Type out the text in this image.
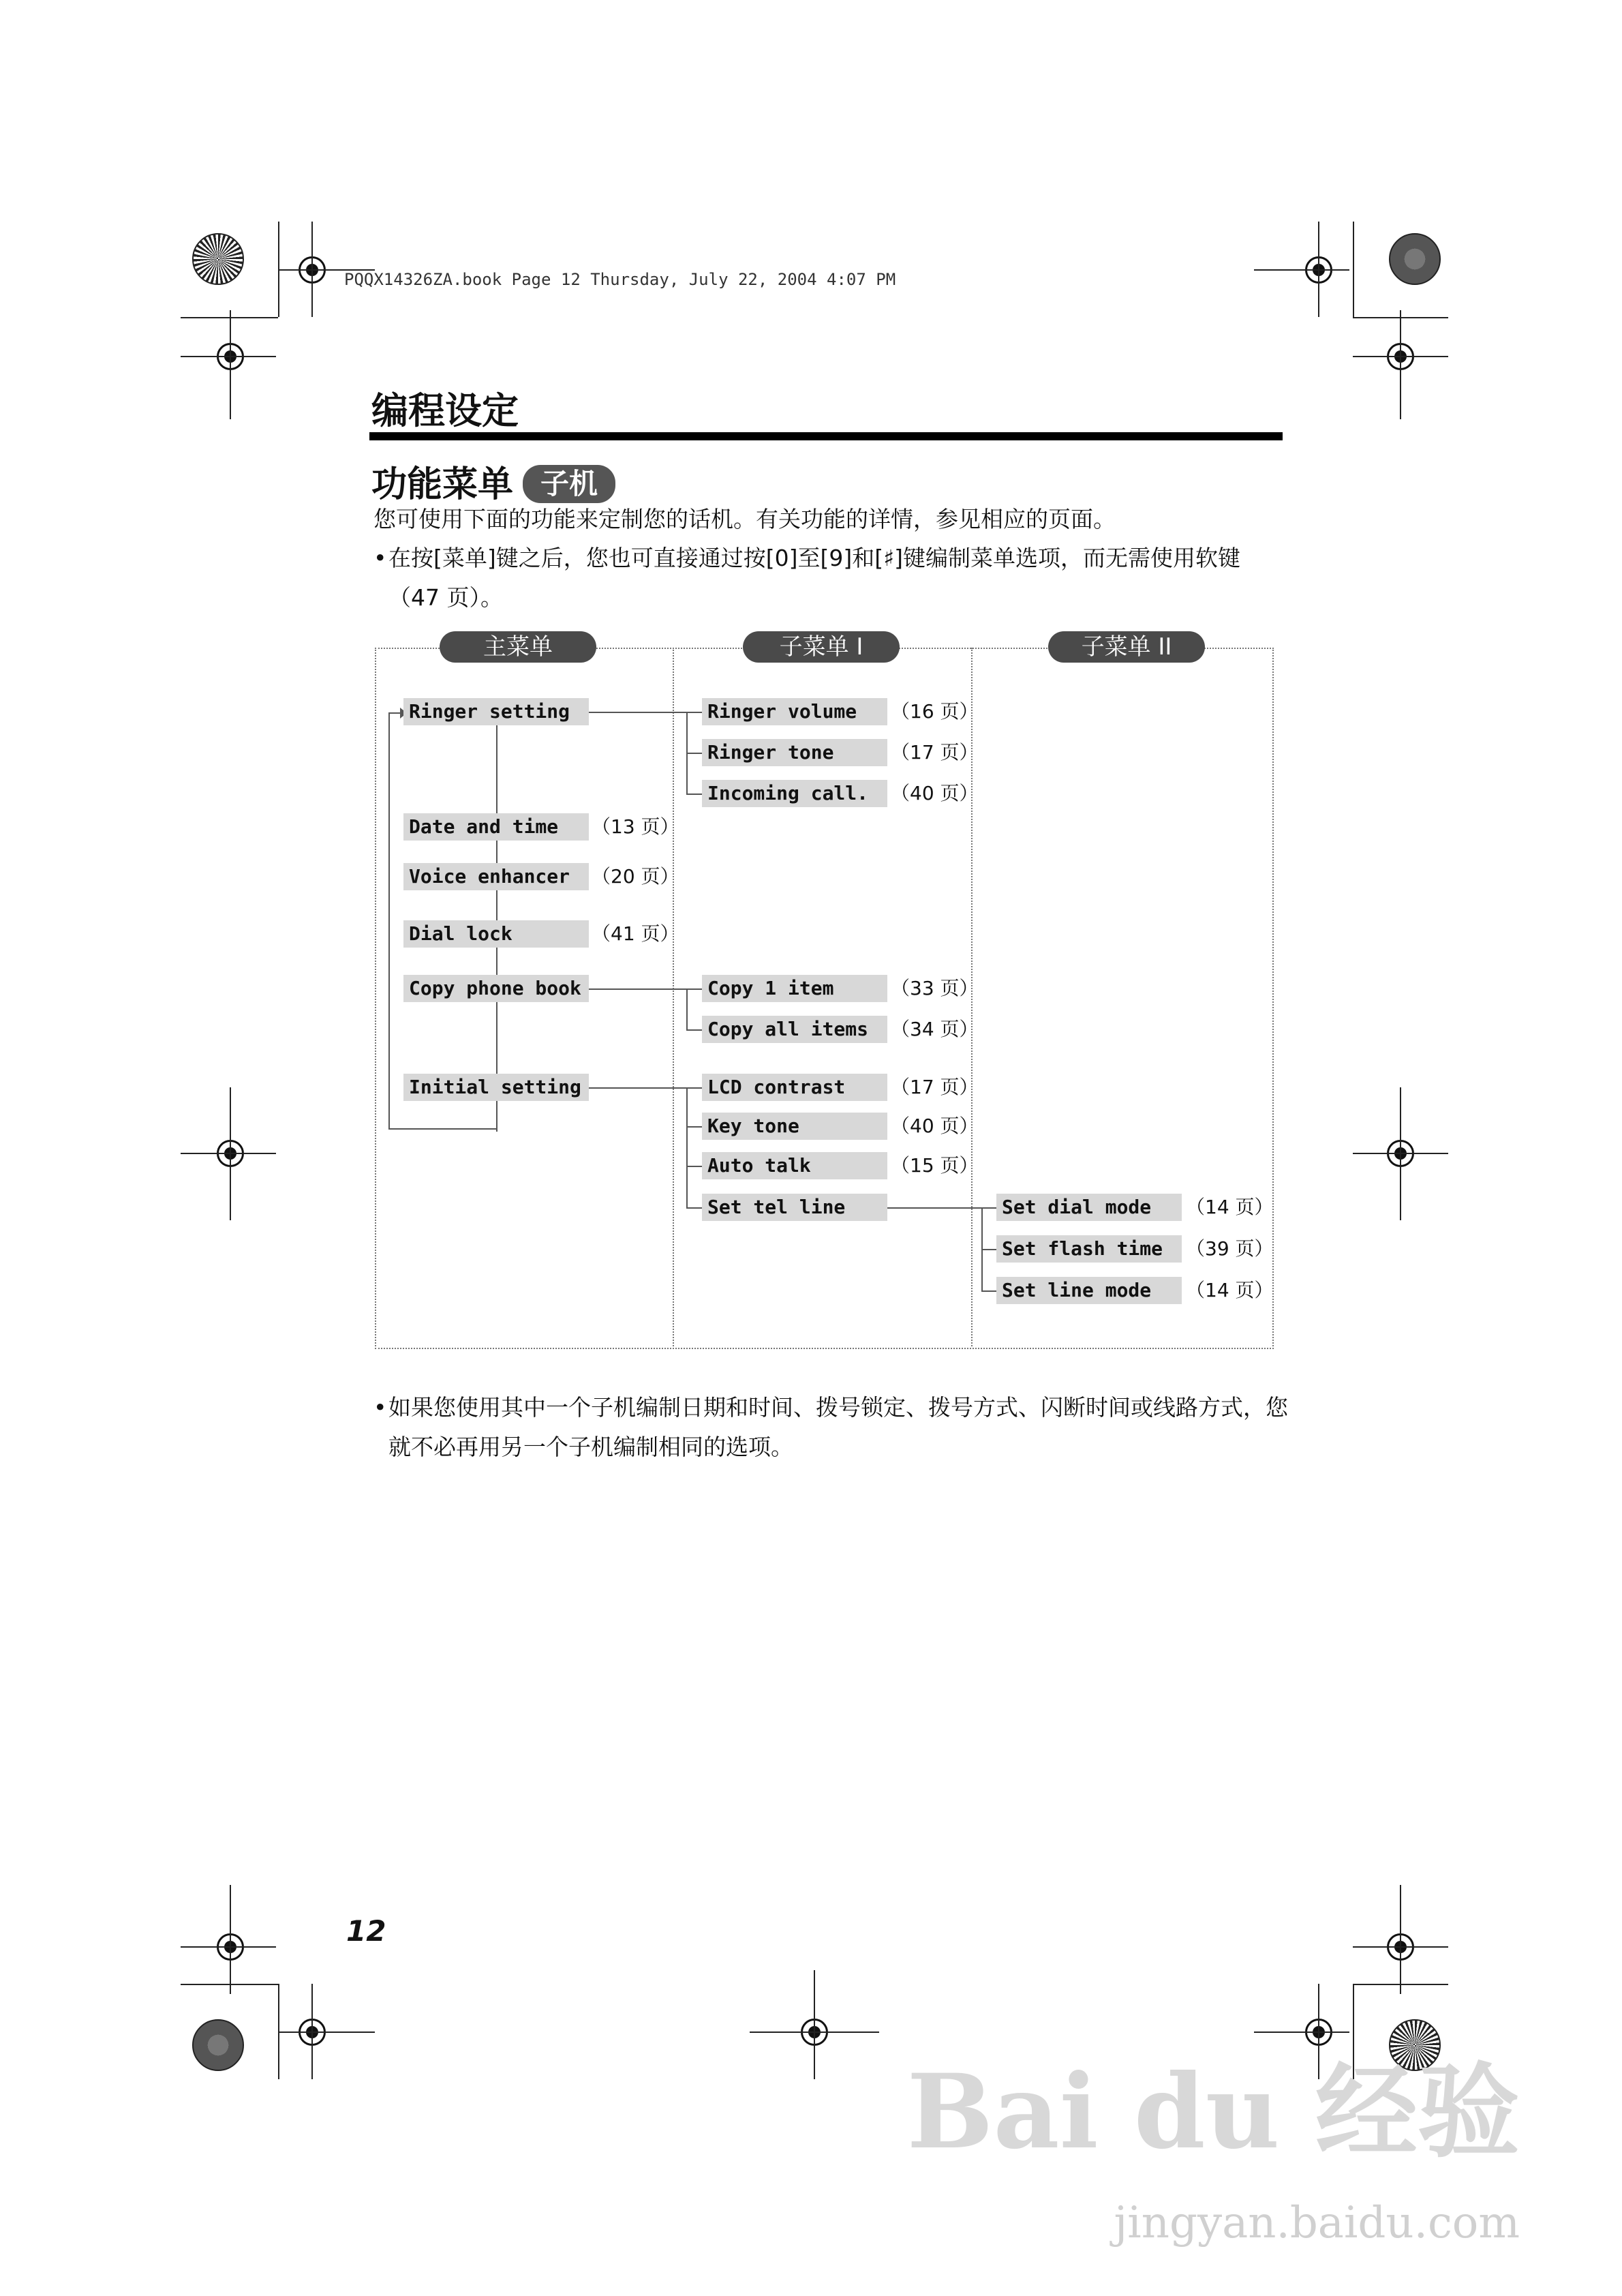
PQQX14326ZA.book Page 12 Thursday, July 22, 2004 4:07 PM
编程设定
功能菜单 子机
您可使用下面的功能来定制您的话机。有关功能的详情，参见相应的页面。
• 在按[菜单]键之后，您也可直接通过按[0]至[9]和[♯]键编制菜单选项，而无需使用软键 （47 页）。
主菜单	子菜单 I	子菜单 II
Ringer setting
Date and time	（13 页）
Voice enhancer	（20 页）
Dial lock	（41 页）
Copy phone book
Initial setting
Ringer volume	（16 页）
Ringer tone	（17 页）
Incoming call.	（40 页）
Copy 1 item	（33 页）
Copy all items	（34 页）
LCD contrast	（17 页）
Key tone	（40 页）
Auto talk	（15 页）
Set tel line	Set dial mode	（14 页）
Set flash time	（39 页）
Set line mode	（14 页）
• 如果您使用其中一个子机编制日期和时间、拨号锁定、拨号方式、闪断时间或线路方式，您就不必再用另一个子机编制相同的选项。
12
Bai du 经验
jingyan.baidu.com
